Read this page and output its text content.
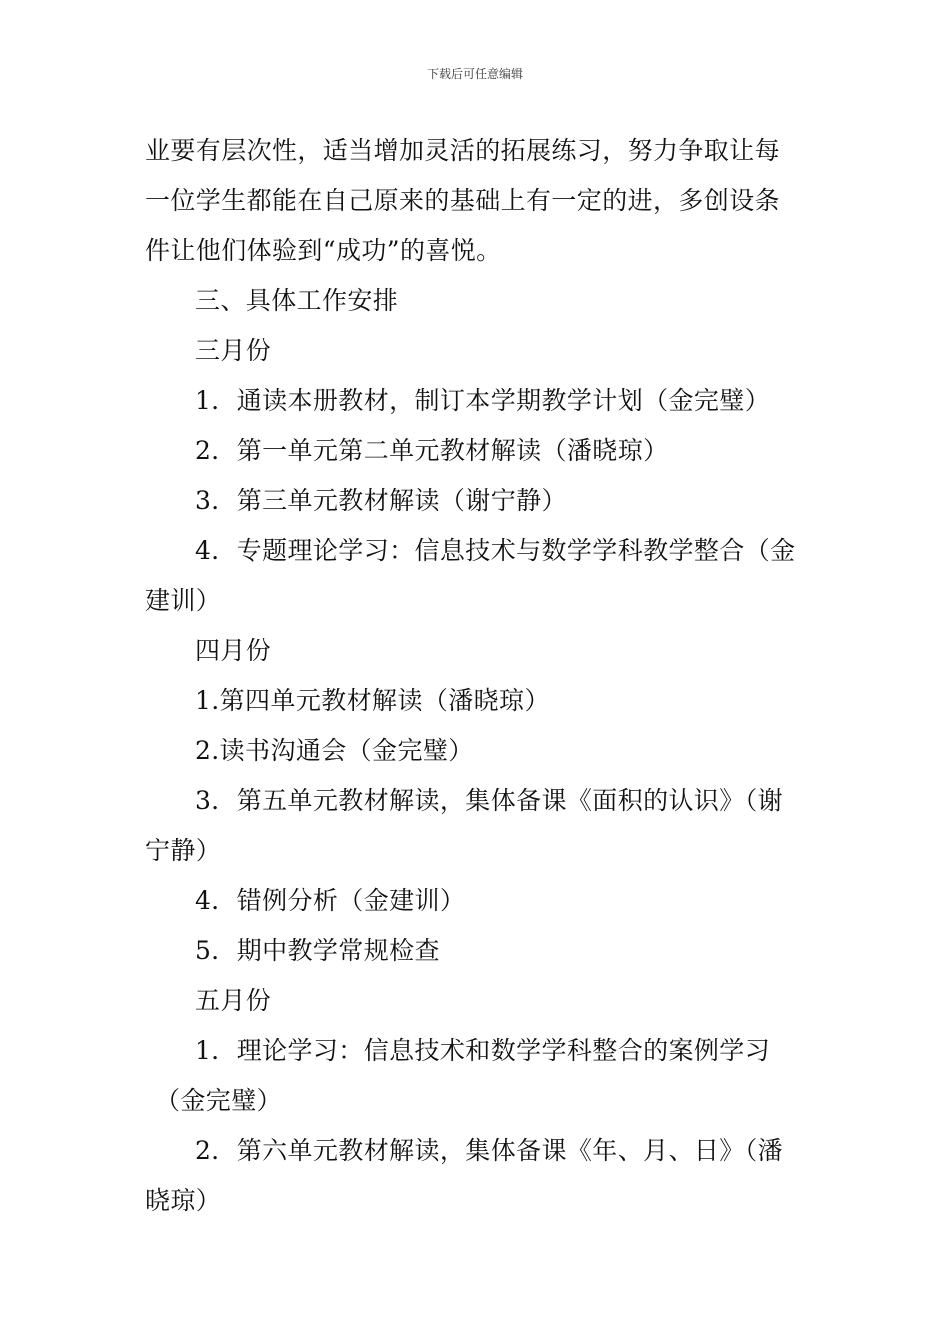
下载后可任意编辑
业要有层次性，适当增加灵活的拓展练习，努力争取让每
一位学生都能在自己原来的基础上有一定的进，多创设条
件让他们体验到“成功”的喜悦。
三、具体工作安排
三月份
1．通读本册教材，制订本学期教学计划（金完璧）
2．第一单元第二单元教材解读（潘晓琼）
3．第三单元教材解读（谢宁静）
4．专题理论学习：信息技术与数学学科教学整合（金
建训）
四月份
1.第四单元教材解读（潘晓琼）
2.读书沟通会（金完璧）
3．第五单元教材解读，集体备课《面积的认识》（谢
宁静）
4．错例分析（金建训）
5．期中教学常规检查
五月份
1．理论学习：信息技术和数学学科整合的案例学习
（金完璧）
2．第六单元教材解读，集体备课《年、月、日》（潘
晓琼）
